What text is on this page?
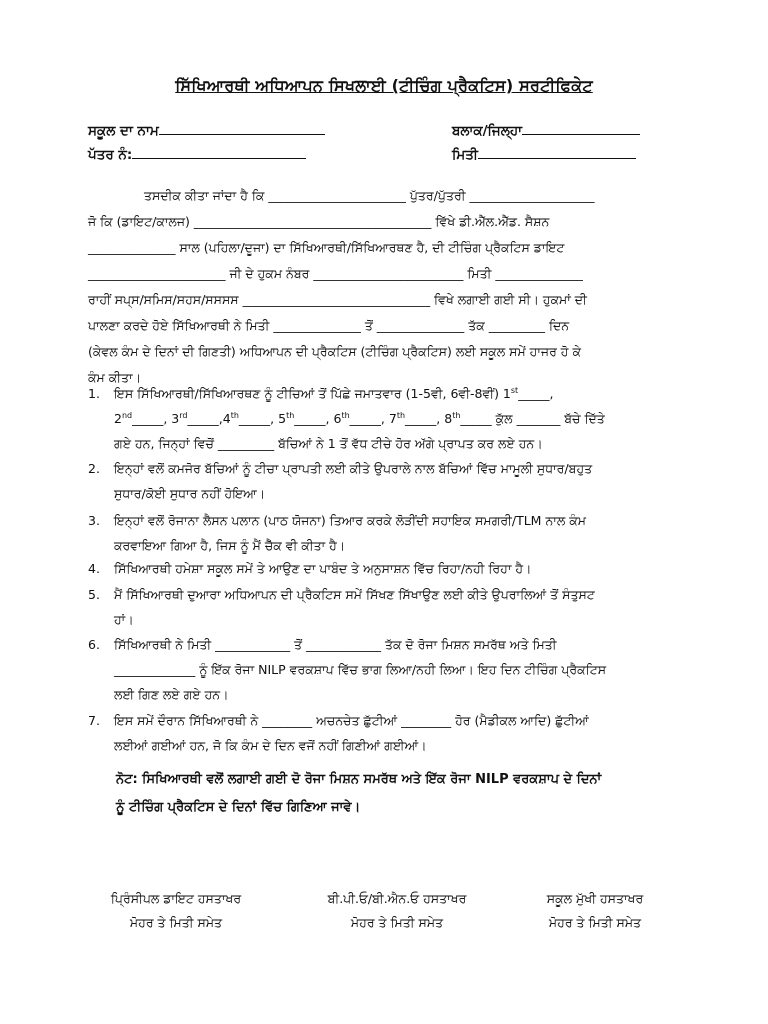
ਸਿੱਖਿਆਰਥੀ ਅਧਿਆਪਨ ਸਿਖਲਾਈ (ਟੀਚਿੰਗ ਪ੍ਰੈਕਟਿਸ) ਸਰਟੀਫਿਕੇਟ
ਸਕੂਲ ਦਾ ਨਾਮ	ਬਲਾਕ/ਜਿਲ੍ਹਾ
ਪੱਤਰ ਨੰ:	ਮਿਤੀ
ਤਸਦੀਕ ਕੀਤਾ ਜਾਂਦਾ ਹੈ ਕਿ ______________________ ਪੁੱਤਰ/ਪੁੱਤਰੀ ____________________
ਜੋ ਕਿ (ਡਾਇਟ/ਕਾਲਜ) ______________________________________ ਵਿੱਖੇ ਡੀ.ਐੱਲ.ਐੱਡ. ਸੈਸ਼ਨ
______________ ਸਾਲ (ਪਹਿਲਾ/ਦੂਜਾ) ਦਾ ਸਿੱਖਿਆਰਥੀ/ਸਿੱਖਿਆਰਥਣ ਹੈ, ਦੀ ਟੀਚਿੰਗ ਪ੍ਰੈਕਟਿਸ ਡਾਇਟ
______________________ ਜੀ ਦੇ ਹੁਕਮ ਨੰਬਰ ________________________ ਮਿਤੀ ______________
ਰਾਹੀਂ ਸਪ੍ਸ/ਸਮਿਸ/ਸਹਸ/ਸਸਸਸ ______________________________ ਵਿਖੇ ਲਗਾਈ ਗਈ ਸੀ। ਹੁਕਮਾਂ ਦੀ
ਪਾਲਣਾ ਕਰਦੇ ਹੋਏ ਸਿੱਖਿਆਰਥੀ ਨੇ ਮਿਤੀ ______________ ਤੋਂ ______________ ਤੱਕ _________ ਦਿਨ
(ਕੇਵਲ ਕੰਮ ਦੇ ਦਿਨਾਂ ਦੀ ਗਿਣਤੀ) ਅਧਿਆਪਨ ਦੀ ਪ੍ਰੈਕਟਿਸ (ਟੀਚਿੰਗ ਪ੍ਰੈਕਟਿਸ) ਲਈ ਸਕੂਲ ਸਮੇਂ ਹਾਜਰ ਹੋ ਕੇ
ਕੰਮ ਕੀਤਾ।
1.	ਇਸ ਸਿੱਖਿਆਰਥੀ/ਸਿੱਖਿਆਰਥਣ ਨੂੰ ਟੀਚਿਆਂ ਤੋਂ ਪਿੱਛੇ ਜਮਾਤਵਾਰ (1-5ਵੀ, 6ਵੀ-8ਵੀਂ) 1st_____,
2nd_____, 3rd_____,4th_____, 5th_____, 6th_____, 7th_____, 8th_____ ਕੁੱਲ _______ ਬੱਚੇ ਦਿੱਤੇ
ਗਏ ਹਨ, ਜਿਨ੍ਹਾਂ ਵਿਚੋਂ _________ ਬੱਚਿਆਂ ਨੇ 1 ਤੋਂ ਵੱਧ ਟੀਚੇ ਹੋਰ ਅੱਗੇ ਪ੍ਰਾਪਤ ਕਰ ਲਏ ਹਨ।
2.	ਇਨ੍ਹਾਂ ਵਲੋਂ ਕਮਜੋਰ ਬੱਚਿਆਂ ਨੂੰ ਟੀਚਾ ਪ੍ਰਾਪਤੀ ਲਈ ਕੀਤੇ ਉਪਰਾਲੇ ਨਾਲ ਬੱਚਿਆਂ ਵਿੱਚ ਮਾਮੂਲੀ ਸੁਧਾਰ/ਬਹੁਤ
ਸੁਧਾਰ/ਕੋਈ ਸੁਧਾਰ ਨਹੀਂ ਹੋਇਆ।
3.	ਇਨ੍ਹਾਂ ਵਲੋਂ ਰੋਜਾਨਾ ਲੈਸਨ ਪਲਾਨ (ਪਾਠ ਯੋਜਨਾ) ਤਿਆਰ ਕਰਕੇ ਲੋੜੀਂਦੀ ਸਹਾਇਕ ਸਮਗਰੀ/TLM ਨਾਲ ਕੰਮ
ਕਰਵਾਇਆ ਗਿਆ ਹੈ, ਜਿਸ ਨੂੰ ਮੈਂ ਚੈੱਕ ਵੀ ਕੀਤਾ ਹੈ।
4.	ਸਿੱਖਿਆਰਥੀ ਹਮੇਸ਼ਾ ਸਕੂਲ ਸਮੇਂ ਤੇ ਆਉਣ ਦਾ ਪਾਬੰਦ ਤੇ ਅਨੁਸਾਸ਼ਨ ਵਿੱਚ ਰਿਹਾ/ਨਹੀ ਰਿਹਾ ਹੈ।
5.	ਮੈਂ ਸਿੱਖਿਆਰਥੀ ਦੁਆਰਾ ਅਧਿਆਪਨ ਦੀ ਪ੍ਰੈਕਟਿਸ ਸਮੇਂ ਸਿੱਖਣ ਸਿੱਖਾਉਣ ਲਈ ਕੀਤੇ ਉਪਰਾਲਿਆਂ ਤੋਂ ਸੰਤੁਸਟ
ਹਾਂ।
6.	ਸਿੱਖਿਆਰਥੀ ਨੇ ਮਿਤੀ ____________ ਤੋਂ ____________ ਤੱਕ ਦੋ ਰੋਜਾ ਮਿਸ਼ਨ ਸਮਰੱਥ ਅਤੇ ਮਿਤੀ
_____________ ਨੂੰ ਇੱਕ ਰੋਜਾ NILP ਵਰਕਸ਼ਾਪ ਵਿੱਚ ਭਾਗ ਲਿਆ/ਨਹੀ ਲਿਆ। ਇਹ ਦਿਨ ਟੀਚਿੰਗ ਪ੍ਰੈਕਟਿਸ
ਲਈ ਗਿਣ ਲਏ ਗਏ ਹਨ।
7.	ਇਸ ਸਮੇਂ ਦੌਰਾਨ ਸਿੱਖਿਆਰਥੀ ਨੇ ________ ਅਚਨਚੇਤ ਛੁੱਟੀਆਂ ________ ਹੋਰ (ਮੈਡੀਕਲ ਆਦਿ) ਛੁੱਟੀਆਂ
ਲਈਆਂ ਗਈਆਂ ਹਨ, ਜੋ ਕਿ ਕੰਮ ਦੇ ਦਿਨ ਵਜੋਂ ਨਹੀਂ ਗਿਣੀਆਂ ਗਈਆਂ।
ਨੋਟ: ਸਿਖਿਆਰਥੀ ਵਲੋਂ ਲਗਾਈ ਗਈ ਦੋ ਰੋਜਾ ਮਿਸ਼ਨ ਸਮਰੱਥ ਅਤੇ ਇੱਕ ਰੋਜਾ NILP ਵਰਕਸ਼ਾਪ ਦੇ ਦਿਨਾਂ
ਨੂੰ ਟੀਚਿੰਗ ਪ੍ਰੈਕਟਿਸ ਦੇ ਦਿਨਾਂ ਵਿੱਚ ਗਿਣਿਆ ਜਾਵੇ।
ਪ੍ਰਿੰਸੀਪਲ ਡਾਇਟ ਹਸਤਾਖਰ
ਮੋਹਰ ਤੇ ਮਿਤੀ ਸਮੇਤ
ਬੀ.ਪੀ.ਓ/ਬੀ.ਐਨ.ਓ ਹਸਤਾਖਰ
ਮੋਹਰ ਤੇ ਮਿਤੀ ਸਮੇਤ
ਸਕੂਲ ਮੁੱਖੀ ਹਸਤਾਖਰ
ਮੋਹਰ ਤੇ ਮਿਤੀ ਸਮੇਤ
